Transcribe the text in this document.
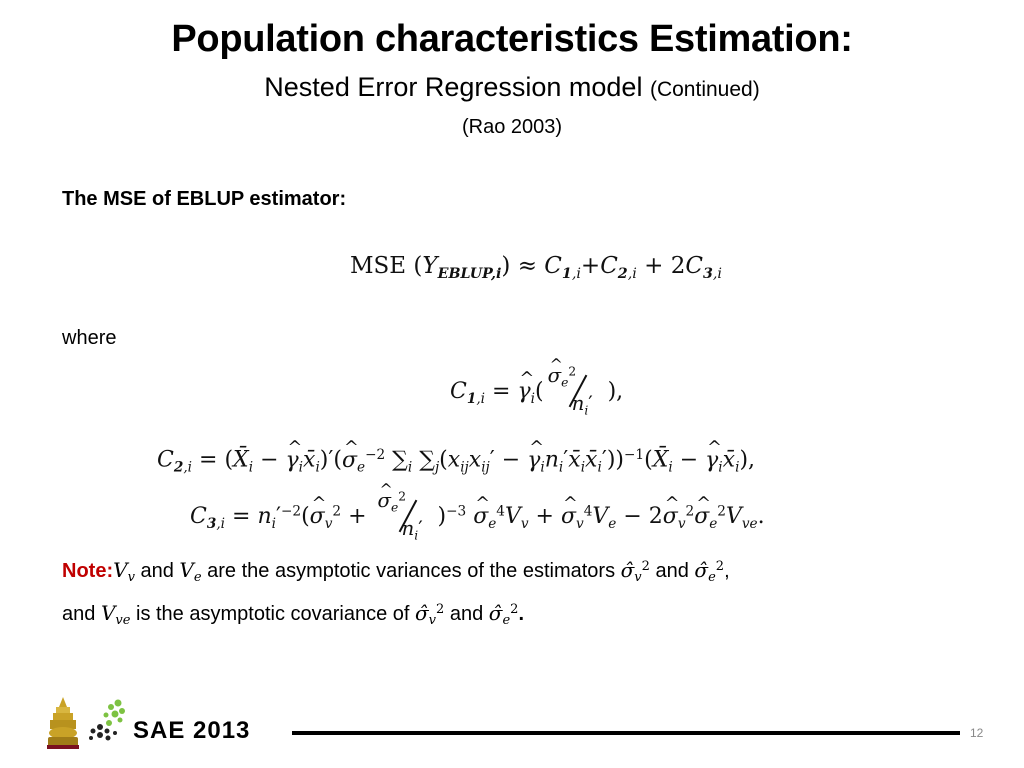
Population characteristics Estimation:
Nested Error Regression model (Continued)
(Rao 2003)
The MSE of EBLUP estimator:
MSE $(Y_{EBLUP,i}) \approx C_{1,i}+C_{2,i} + 2C_{3,i}$
where
$C_{1,i}$ = ^ $\gamma_i$(
^ $\sigma_e^2$
$n_i'$ ),
$C_{2,i}$ = ($X̄_i$ − ^ $\gamma_ix̄_i)'(\^{}$ $\sigma_e^{-2}$ $\sum_i$ $\sum_j(x_{ij}x_{ij}'$ − ^ $\gamma_in_i'x̄_ix̄_i'))^{-1}(X̄_i$ − ^ $\gamma_ix̄_i$),
$C_{3,i}$ = $n_i'^{-2}(\^{}$ $\sigma_v^2$ +
^ $\sigma_e^2$
$n_i'$ )$^{-3}$ ^ $\sigma_e^4V_v$ + ^ $\sigma_v^4V_e$ − 2^ $\sigma_v^2\^{}$ $\sigma_e^2V_{ve}$.
$Note:V_v$ and $V_e$ are the asymptotic variances of the estimators $\sigmâ_v^2$ and $\sigmâ_e^2$,
and $V_{ve}$ is the asymptotic covariance of $\sigmâ_v^2$ and $\sigmâ_e^2$.
SAE 2013	12
